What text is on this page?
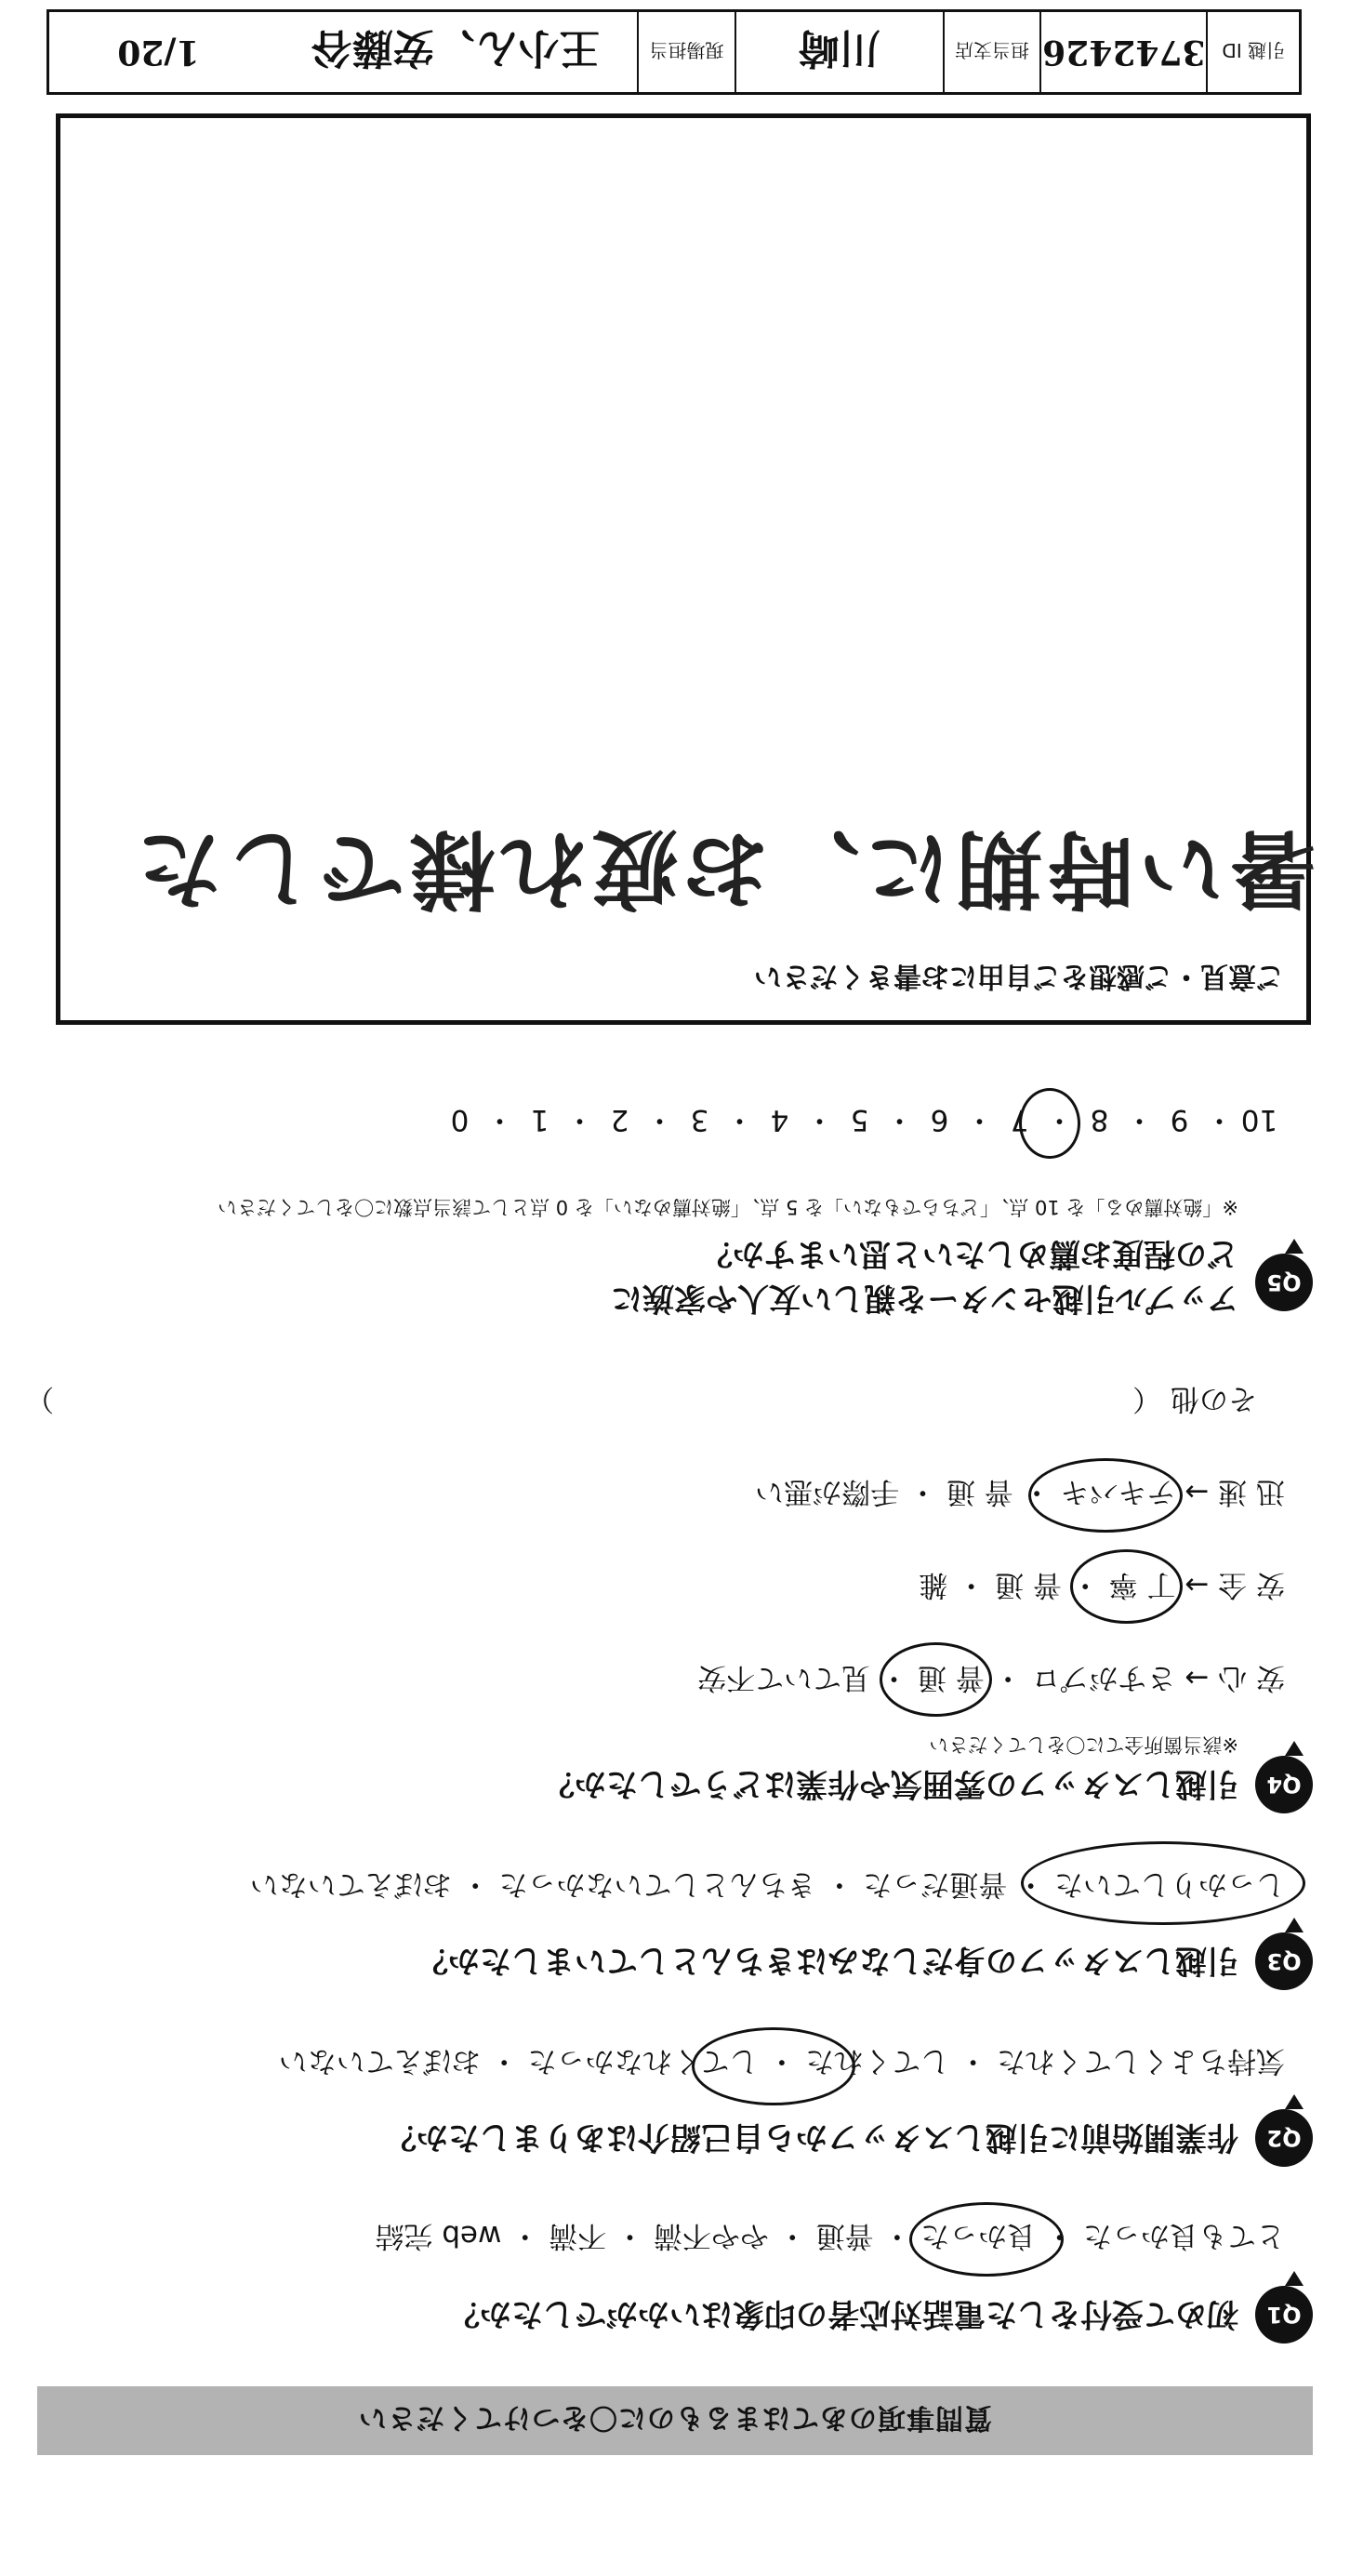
質問事項のあてはまるものに〇をつけてください
Q1
初めて受付をした電話対応者の印象はいかがでしたか？
とても良かった ・ 良かった ・ 普通 ・ やや不満 ・ 不満 ・ web 完結
Q2
作業開始前に引越しスタッフから自己紹介はありましたか？
気持ちよくしてくれた ・ してくれた ・ してくれなかった ・ おぼえていない
Q3
引越しスタッフの身だしなみはきちんとしていましたか？
しっかりしていた ・ 普通だった ・ きちんとしていなかった ・ おぼえていない
Q4
引越しスタッフの雰囲気や作業はどうでしたか？
※該当箇所全てに〇をしてください
安 心 → さすがプロ ・ 普 通 ・ 見ていて不安
安 全 → 丁 寧 ・ 普 通 ・ 雑
迅 速 → テキパキ ・ 普 通 ・ 手際が悪い
その他 （）
Q5
アップル引越センターを親しい友人や家族に
どの程度お薦めしたいと思いますか？
※「絶対薦める」を 10 点、「どちらでもない」を 5 点、「絶対薦めない」を 0 点として該当点数に〇をしてください
10・9・8・7・6・5・4・3・2・1・0
ご意見・ご感想をご自由にお書きください
暑い時期に、お疲れ様でした
引越 ID
3742426
担当支店
川崎
現場担当
王小ん、安藤谷
1/20
